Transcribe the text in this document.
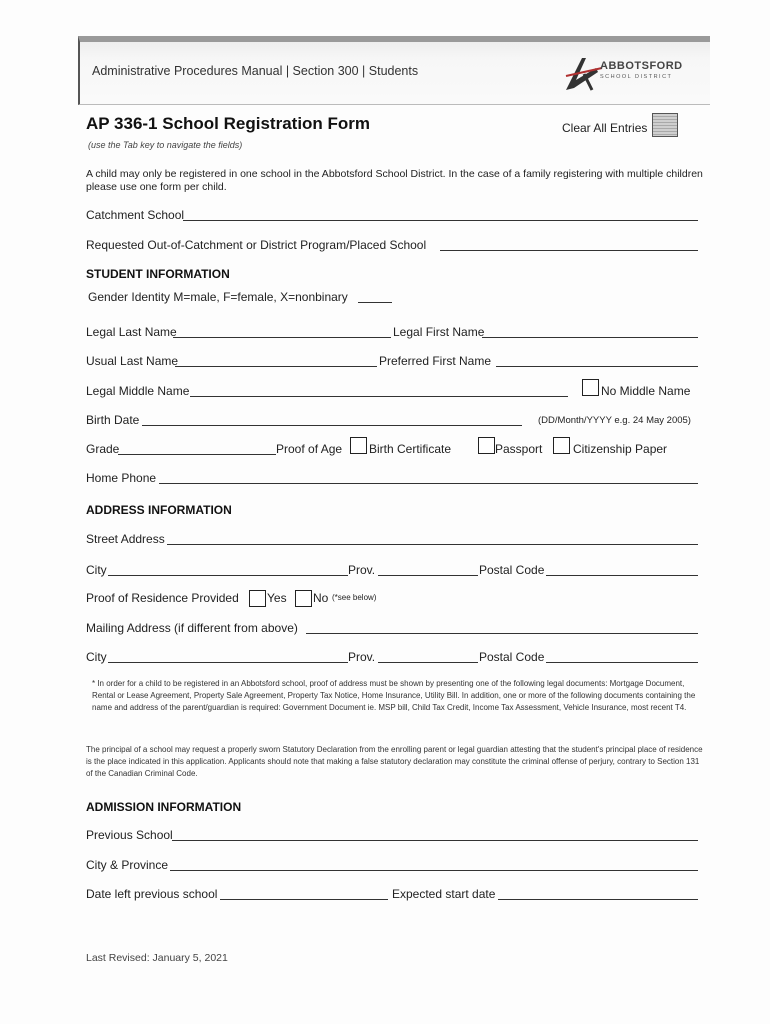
Administrative Procedures Manual | Section 300 | Students	ABBOTSFORD
SCHOOL DISTRICT
AP 336-1 School Registration Form
(use the Tab key to navigate the fields)
Clear All Entries
A child may only be registered in one school in the Abbotsford School District. In the case of a family registering with multiple children please use one form per child.
Catchment School
Requested Out-of-Catchment or District Program/Placed School
STUDENT INFORMATION
Gender Identity M=male, F=female, X=nonbinary
Legal Last Name	Legal First Name
Usual Last Name	Preferred First Name
Legal Middle Name	No Middle Name
Birth Date	(DD/Month/YYYY e.g. 24 May 2005)
Grade	Proof of Age Birth Certificate	Passport	Citizenship Paper
Home Phone
ADDRESS INFORMATION
Street Address
City	Prov.	Postal Code
Proof of Residence Provided Yes No (*see below)
Mailing Address (if different from above)
City	Prov.	Postal Code
* In order for a child to be registered in an Abbotsford school, proof of address must be shown by presenting one of the following legal documents: Mortgage Document, Rental or Lease Agreement, Property Sale Agreement, Property Tax Notice, Home Insurance, Utility Bill. In addition, one or more of the following documents containing the name and address of the parent/guardian is required: Government Document ie. MSP bill, Child Tax Credit, Income Tax Assessment, Vehicle Insurance, most recent T4.
The principal of a school may request a properly sworn Statutory Declaration from the enrolling parent or legal guardian attesting that the student's principal place of residence is the place indicated in this application. Applicants should note that making a false statutory declaration may constitute the criminal offense of perjury, contrary to Section 131 of the Canadian Criminal Code.
ADMISSION INFORMATION
Previous School
City & Province
Date left previous school	Expected start date
Last Revised: January 5, 2021
